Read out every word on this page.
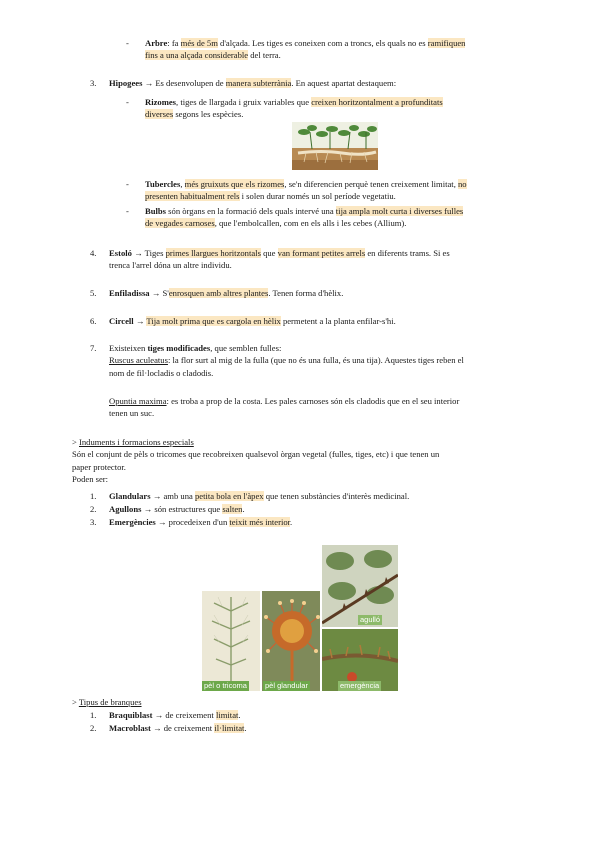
- Arbre: fa més de 5m d'alçada. Les tiges es coneixen com a troncs, els quals no es ramifiquen
fins a una alçada considerable del terra.
3. Hipogees → Es desenvolupen de manera subterrània. En aquest apartat destaquem:
- Rizomes, tiges de llargada i gruix variables que creixen horitzontalment a profunditats
diverses segons les espècies.
- Tubercles, més gruixuts que els rizomes, se'n diferencien perquè tenen creixement limitat, no
presenten habitualment rels i solen durar només un sol període vegetatiu.
- Bulbs són òrgans en la formació dels quals intervé una tija ampla molt curta i diverses fulles
de vegades carnoses, que l'embolcallen, com en els alls i les cebes (Allium).
4. Estoló → Tiges primes llargues horitzontals que van formant petites arrels en diferents trams. Si es
trenca l'arrel dóna un altre individu.
5. Enfiladissa → S'enrosquen amb altres plantes. Tenen forma d'hèlix.
6. Circell → Tija molt prima que es cargola en hèlix permetent a la planta enfilar-s'hi.
7. Existeixen tiges modificades, que semblen fulles:
Ruscus aculeatus: la flor surt al mig de la fulla (que no és una fulla, és una tija). Aquestes tiges reben el
nom de fil·locladis o cladodis.
Opuntia maxima: es troba a prop de la costa. Les pales carnoses són els cladodis que en el seu interior
tenen un suc.
> Induments i formacions especials
Són el conjunt de pèls o tricomes que recobreixen qualsevol òrgan vegetal (fulles, tiges, etc) i que tenen un
paper protector.
Poden ser:
1. Glandulars → amb una petita bola en l'àpex que tenen substàncies d'interès medicinal.
2. Agullons → són estructures que salten.
3. Emergències → procedeixen d'un teixit més interior.
pèl o tricoma pèl glandular
agulló
emergència
> Tipus de branques
1. Braquiblast → de creixement limitat.
2. Macroblast → de creixement il·limitat.
